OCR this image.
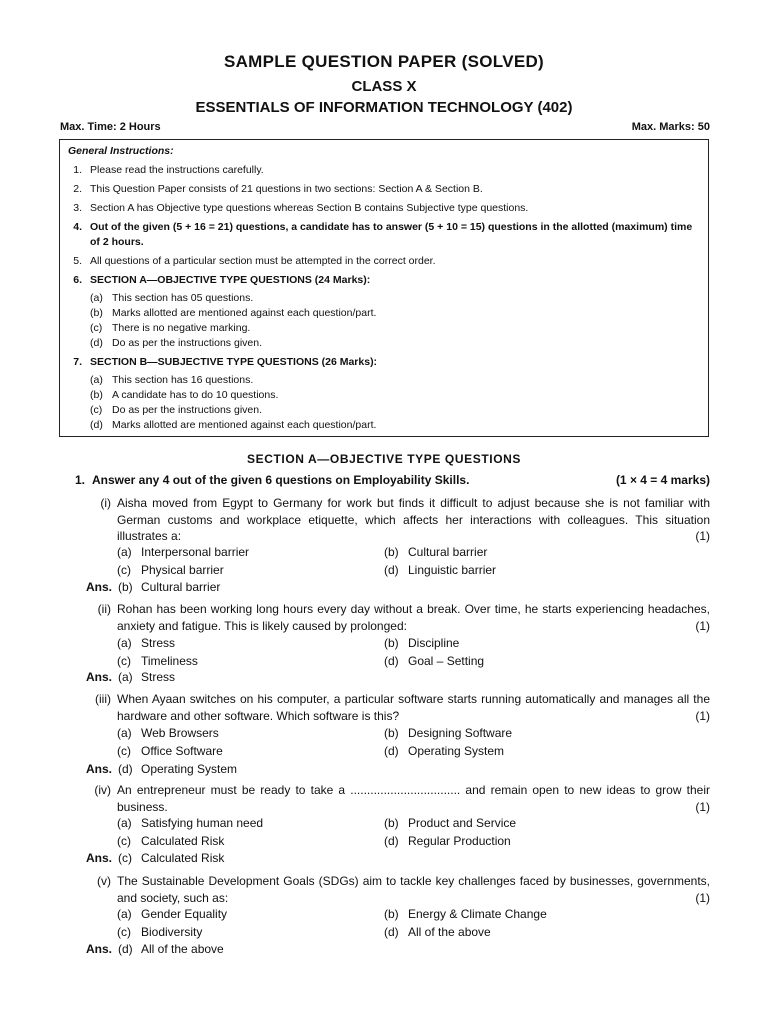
SAMPLE QUESTION PAPER (SOLVED)
CLASS X
ESSENTIALS OF INFORMATION TECHNOLOGY (402)
Max. Time: 2 Hours	Max. Marks: 50
General Instructions:
1. Please read the instructions carefully.
2. This Question Paper consists of 21 questions in two sections: Section A & Section B.
3. Section A has Objective type questions whereas Section B contains Subjective type questions.
4. Out of the given (5 + 16 = 21) questions, a candidate has to answer (5 + 10 = 15) questions in the allotted (maximum) time of 2 hours.
5. All questions of a particular section must be attempted in the correct order.
6. SECTION A—OBJECTIVE TYPE QUESTIONS (24 Marks):
(a) This section has 05 questions.
(b) Marks allotted are mentioned against each question/part.
(c) There is no negative marking.
(d) Do as per the instructions given.
7. SECTION B—SUBJECTIVE TYPE QUESTIONS (26 Marks):
(a) This section has 16 questions.
(b) A candidate has to do 10 questions.
(c) Do as per the instructions given.
(d) Marks allotted are mentioned against each question/part.
SECTION A—OBJECTIVE TYPE QUESTIONS
1. Answer any 4 out of the given 6 questions on Employability Skills.	(1 × 4 = 4 marks)
(i) Aisha moved from Egypt to Germany for work but finds it difficult to adjust because she is not familiar with German customs and workplace etiquette, which affects her interactions with colleagues. This situation illustrates a:	(1)
(a) Interpersonal barrier	(b) Cultural barrier
(c) Physical barrier	(d) Linguistic barrier
Ans. (b) Cultural barrier
(ii) Rohan has been working long hours every day without a break. Over time, he starts experiencing headaches, anxiety and fatigue. This is likely caused by prolonged:	(1)
(a) Stress	(b) Discipline
(c) Timeliness	(d) Goal – Setting
Ans. (a) Stress
(iii) When Ayaan switches on his computer, a particular software starts running automatically and manages all the hardware and other software. Which software is this?	(1)
(a) Web Browsers	(b) Designing Software
(c) Office Software	(d) Operating System
Ans. (d) Operating System
(iv) An entrepreneur must be ready to take a ................................. and remain open to new ideas to grow their business.	(1)
(a) Satisfying human need	(b) Product and Service
(c) Calculated Risk	(d) Regular Production
Ans. (c) Calculated Risk
(v) The Sustainable Development Goals (SDGs) aim to tackle key challenges faced by businesses, governments, and society, such as:	(1)
(a) Gender Equality	(b) Energy & Climate Change
(c) Biodiversity	(d) All of the above
Ans. (d) All of the above
